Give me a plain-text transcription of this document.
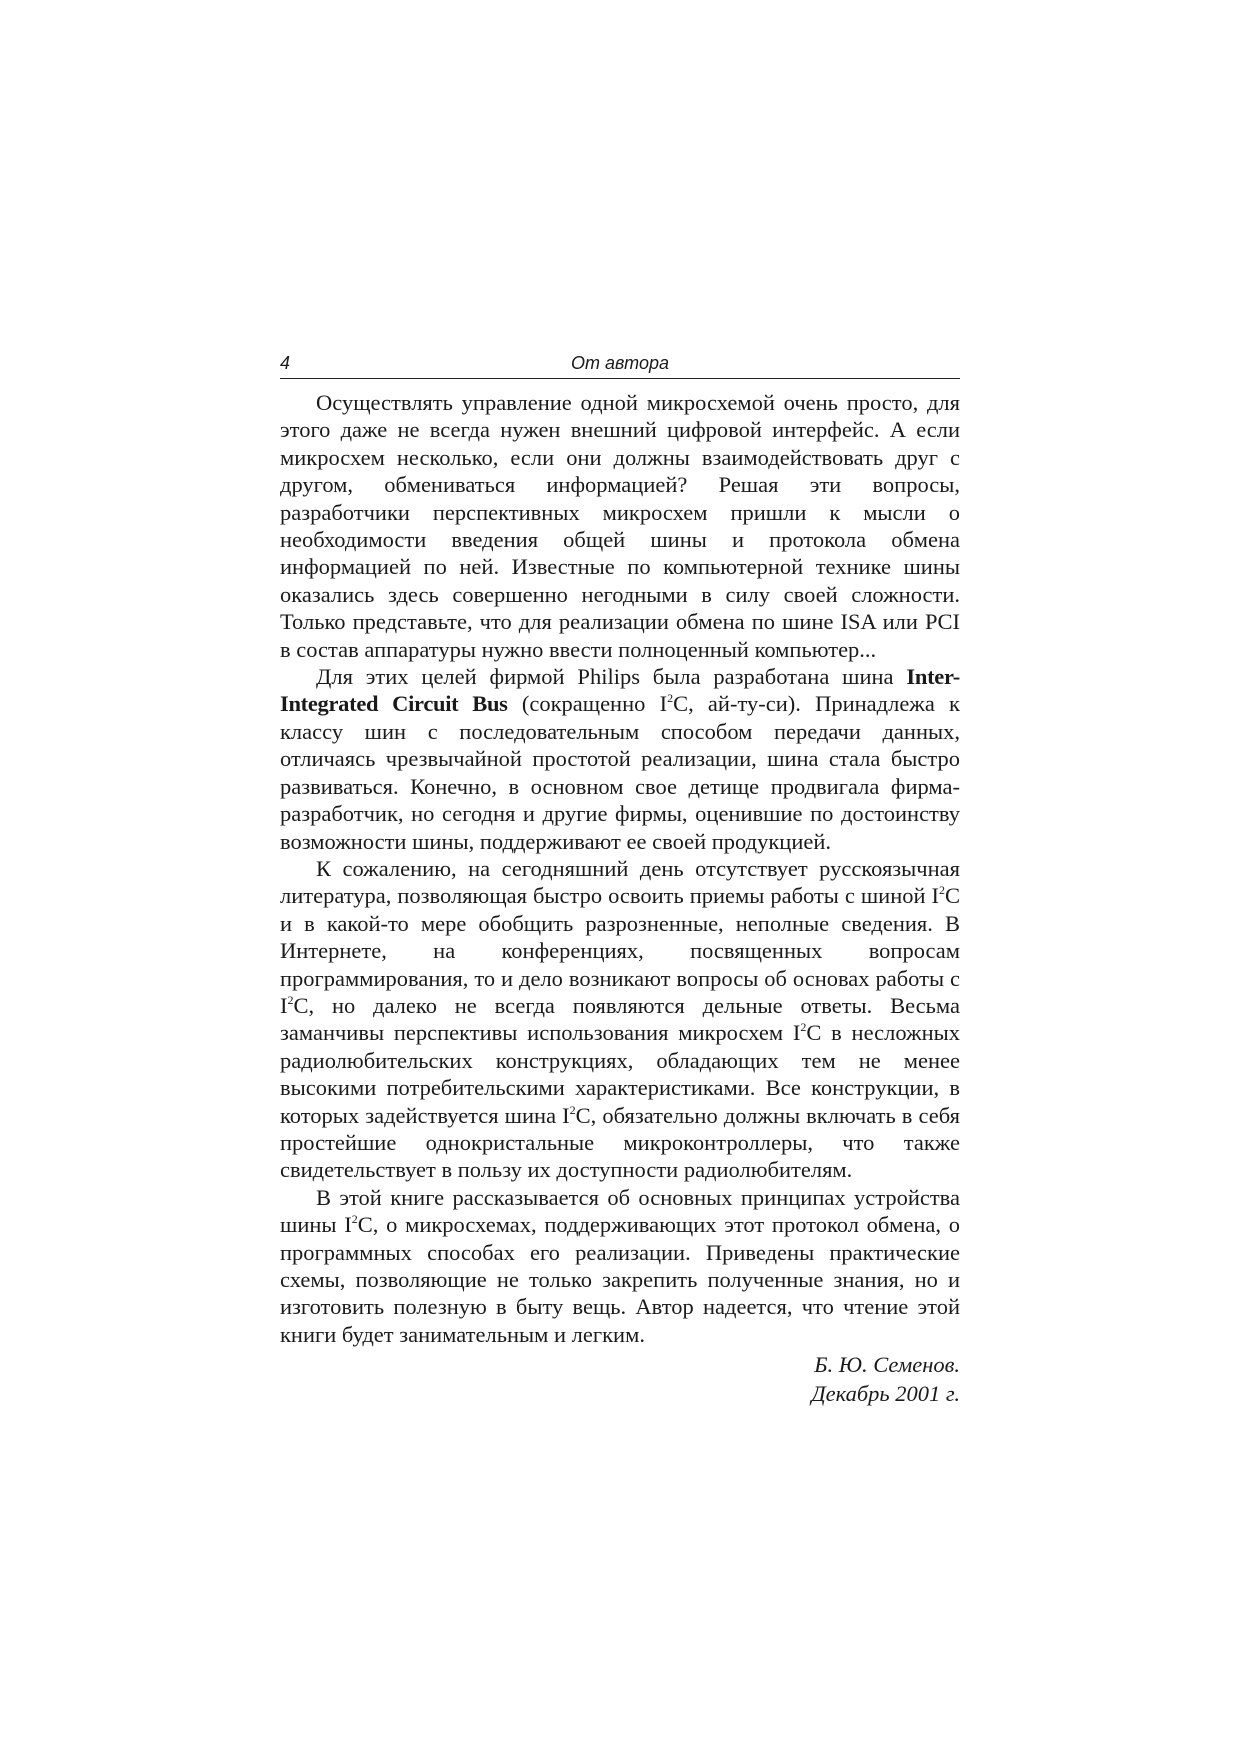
4	От автора

Осуществлять управление одной микросхемой очень просто, для этого даже не всегда нужен внешний цифровой интерфейс. А если микросхем несколько, если они должны взаимодействовать друг с другом, обмениваться информацией? Решая эти вопросы, разработчики перспективных микросхем пришли к мысли о необходимости введения общей шины и протокола обмена информацией по ней. Известные по компьютерной технике шины оказались здесь совершенно негодными в силу своей сложности. Только представьте, что для реализации обмена по шине ISA или PCI в состав аппаратуры нужно ввести полноценный компьютер...

Для этих целей фирмой Philips была разработана шина Inter-Integrated Circuit Bus (сокращенно $I^2C$, ай-ту-си). Принадлежа к классу шин с последовательным способом передачи данных, отличаясь чрезвычайной простотой реализации, шина стала быстро развиваться. Конечно, в основном свое детище продвигала фирма-разработчик, но сегодня и другие фирмы, оценившие по достоинству возможности шины, поддерживают ее своей продукцией.

К сожалению, на сегодняшний день отсутствует русскоязычная литература, позволяющая быстро освоить приемы работы с шиной $I^2C$ и в какой-то мере обобщить разрозненные, неполные сведения. В Интернете, на конференциях, посвященных вопросам программирования, то и дело возникают вопросы об основах работы с $I^2C$, но далеко не всегда появляются дельные ответы. Весьма заманчивы перспективы использования микросхем $I^2C$ в несложных радиолюбительских конструкциях, обладающих тем не менее высокими потребительскими характеристиками. Все конструкции, в которых задействуется шина $I^2C$, обязательно должны включать в себя простейшие однокристальные микроконтроллеры, что также свидетельствует в пользу их доступности радиолюбителям.

В этой книге рассказывается об основных принципах устройства шины $I^2C$, о микросхемах, поддерживающих этот протокол обмена, о программных способах его реализации. Приведены практические схемы, позволяющие не только закрепить полученные знания, но и изготовить полезную в быту вещь. Автор надеется, что чтение этой книги будет занимательным и легким.

Б. Ю. Семенов.
Декабрь 2001 г.
